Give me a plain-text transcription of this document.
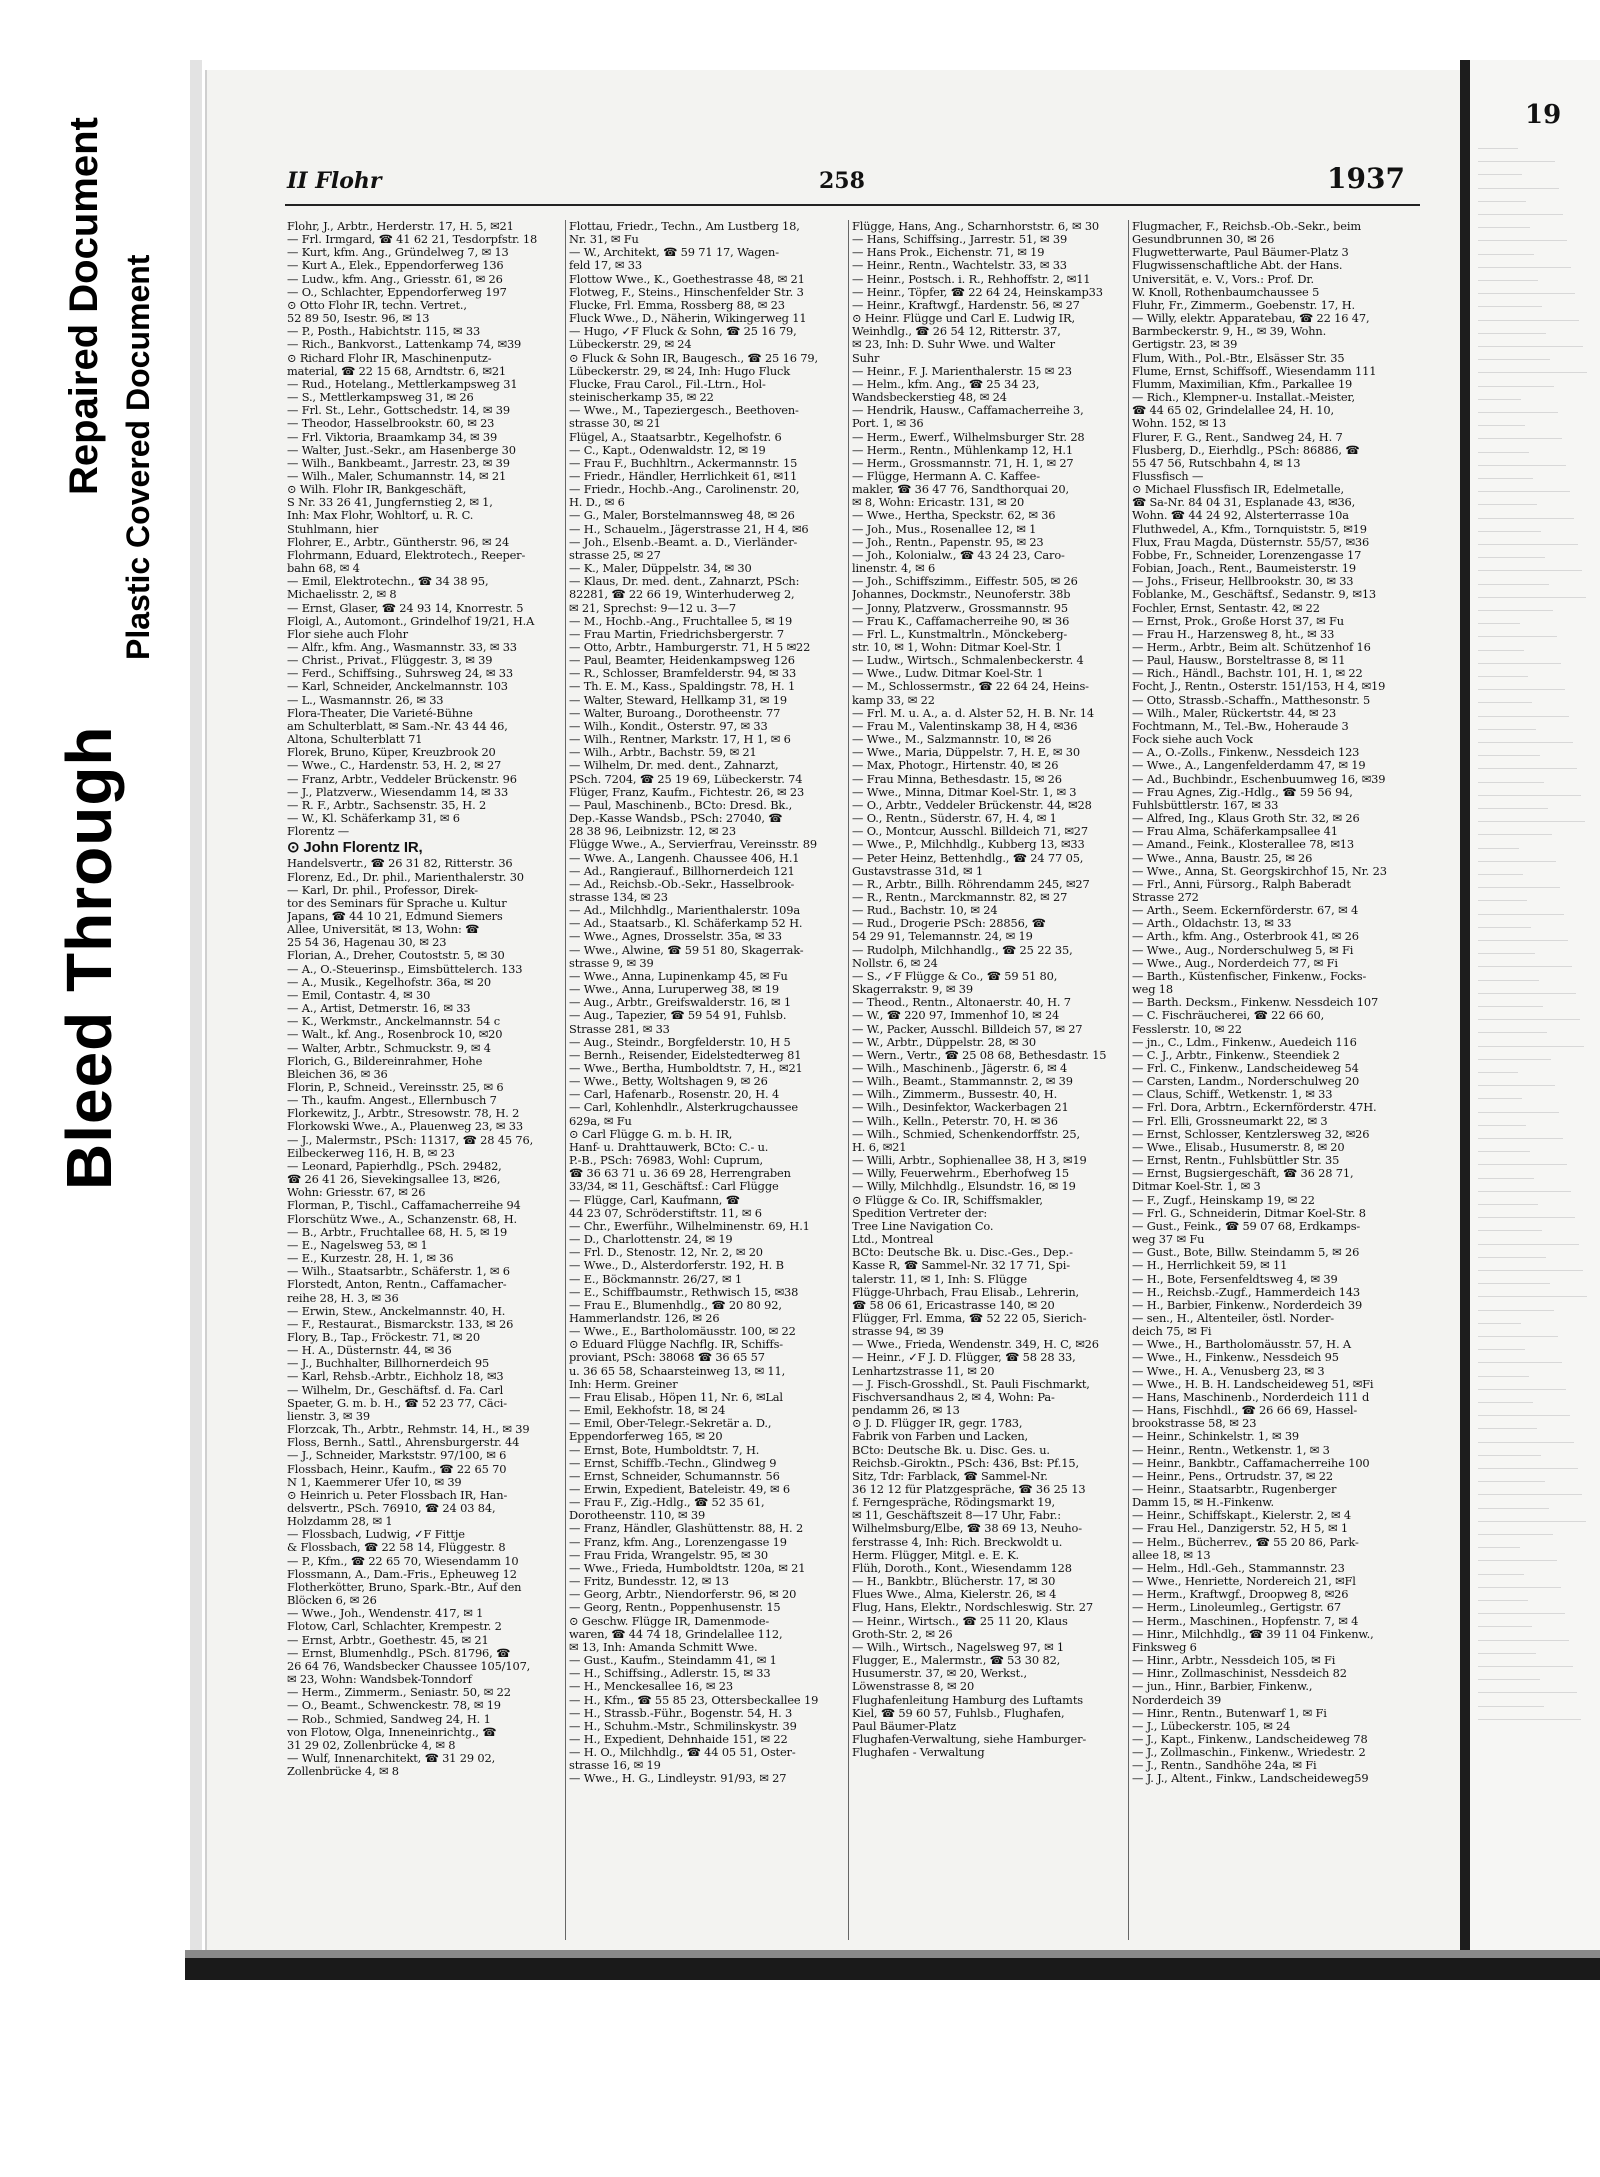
Bleed Through
Repaired Document Plastic Covered Document
II Flohr	258	1937
Flohr, J., Arbtr., Herderstr. 17, H. 5, ✉21
— Frl. Irmgard, ☎ 41 62 21, Tesdorpfstr. 18
— Kurt, kfm. Ang., Gründelweg 7, ✉ 13
— Kurt A., Elek., Eppendorferweg 136
— Ludw., kfm. Ang., Griesstr. 61, ✉ 26
— O., Schlachter, Eppendorferweg 197
⊙ Otto Flohr IR, techn. Vertret.,
52 89 50, Isestr. 96, ✉ 13
— P., Posth., Habichtstr. 115, ✉ 33
— Rich., Bankvorst., Lattenkamp 74, ✉39
⊙ Richard Flohr IR, Maschinenputz-
material, ☎ 22 15 68, Arndtstr. 6, ✉21
— Rud., Hotelang., Mettlerkampsweg 31
— S., Mettlerkampsweg 31, ✉ 26
— Frl. St., Lehr., Gottschedstr. 14, ✉ 39
— Theodor, Hasselbrookstr. 60, ✉ 23
— Frl. Viktoria, Braamkamp 34, ✉ 39
— Walter, Just.-Sekr., am Hasenberge 30
— Wilh., Bankbeamt., Jarrestr. 23, ✉ 39
— Wilh., Maler, Schumannstr. 14, ✉ 21
⊙ Wilh. Flohr IR, Bankgeschäft,
S Nr. 33 26 41, Jungfernstieg 2, ✉ 1,
Inh: Max Flohr, Wohltorf, u. R. C.
Stuhlmann, hier
Flohrer, E., Arbtr., Güntherstr. 96, ✉ 24
Flohrmann, Eduard, Elektrotech., Reeper-
bahn 68, ✉ 4
— Emil, Elektrotechn., ☎ 34 38 95,
Michaelisstr. 2, ✉ 8
— Ernst, Glaser, ☎ 24 93 14, Knorrestr. 5
Floigl, A., Automont., Grindelhof 19/21, H.A
Flor siehe auch Flohr
— Alfr., kfm. Ang., Wasmannstr. 33, ✉ 33
— Christ., Privat., Flüggestr. 3, ✉ 39
— Ferd., Schiffsing., Suhrsweg 24, ✉ 33
— Karl, Schneider, Anckelmannstr. 103
— L., Wasmannstr. 26, ✉ 33
Flora-Theater, Die Varieté-Bühne
am Schulterblatt, ✉ Sam.-Nr. 43 44 46,
Altona, Schulterblatt 71
Florek, Bruno, Küper, Kreuzbrook 20
— Wwe., C., Hardenstr. 53, H. 2, ✉ 27
— Franz, Arbtr., Veddeler Brückenstr. 96
— J., Platzverw., Wiesendamm 14, ✉ 33
— R. F., Arbtr., Sachsenstr. 35, H. 2
— W., Kl. Schäferkamp 31, ✉ 6
Florentz —
⊙ John Florentz IR,
Handelsvertr., ☎ 26 31 82, Ritterstr. 36
Florenz, Ed., Dr. phil., Marienthalerstr. 30
— Karl, Dr. phil., Professor, Direk-
tor des Seminars für Sprache u. Kultur
Japans, ☎ 44 10 21, Edmund Siemers
Allee, Universität, ✉ 13, Wohn: ☎
25 54 36, Hagenau 30, ✉ 23
Florian, A., Dreher, Coutoststr. 5, ✉ 30
— A., O.-Steuerinsp., Eimsbüttelerch. 133
— A., Musik., Kegelhofstr. 36a, ✉ 20
— Emil, Contastr. 4, ✉ 30
— A., Artist, Detmerstr. 16, ✉ 33
— K., Werkmstr., Anckelmannstr. 54 c
— Walt., kf. Ang., Rosenbrock 10, ✉20
— Walter, Arbtr., Schmuckstr. 9, ✉ 4
Florich, G., Bildereinrahmer, Hohe
Bleichen 36, ✉ 36
Florin, P., Schneid., Vereinsstr. 25, ✉ 6
— Th., kaufm. Angest., Ellernbusch 7
Florkewitz, J., Arbtr., Stresowstr. 78, H. 2
Florkowski Wwe., A., Plauenweg 23, ✉ 33
— J., Malermstr., PSch: 11317, ☎ 28 45 76,
Eilbeckerweg 116, H. B, ✉ 23
— Leonard, Papierhdlg., PSch. 29482,
☎ 26 41 26, Sievekingsallee 13, ✉26,
Wohn: Griesstr. 67, ✉ 26
Florman, P., Tischl., Caffamacherreihe 94
Florschütz Wwe., A., Schanzenstr. 68, H.
— B., Arbtr., Fruchtallee 68, H. 5, ✉ 19
— E., Nagelsweg 53, ✉ 1
— E., Kurzestr. 28, H. 1, ✉ 36
— Wilh., Staatsarbtr., Schäferstr. 1, ✉ 6
Florstedt, Anton, Rentn., Caffamacher-
reihe 28, H. 3, ✉ 36
— Erwin, Stew., Anckelmannstr. 40, H.
— F., Restaurat., Bismarckstr. 133, ✉ 26
Flory, B., Tap., Fröckestr. 71, ✉ 20
— H. A., Düsternstr. 44, ✉ 36
— J., Buchhalter, Billhornerdeich 95
— Karl, Rehsb.-Arbtr., Eichholz 18, ✉3
— Wilhelm, Dr., Geschäftsf. d. Fa. Carl
Spaeter, G. m. b. H., ☎ 52 23 77, Cäci-
lienstr. 3, ✉ 39
Florzcak, Th., Arbtr., Rehmstr. 14, H., ✉ 39
Floss, Bernh., Sattl., Ahrensburgerstr. 44
— J., Schneider, Markststr. 97/100, ✉ 6
Flossbach, Heinr., Kaufm., ☎ 22 65 70
N 1, Kaemmerer Ufer 10, ✉ 39
⊙ Heinrich u. Peter Flossbach IR, Han-
delsvertr., PSch. 76910, ☎ 24 03 84,
Holzdamm 28, ✉ 1
— Flossbach, Ludwig, ✓F Fittje
& Flossbach, ☎ 22 58 14, Flüggestr. 8
— P., Kfm., ☎ 22 65 70, Wiesendamm 10
Flossmann, A., Dam.-Fris., Epheuweg 12
Flotherkötter, Bruno, Spark.-Btr., Auf den
Blöcken 6, ✉ 26
— Wwe., Joh., Wendenstr. 417, ✉ 1
Flotow, Carl, Schlachter, Krempestr. 2
— Ernst, Arbtr., Goethestr. 45, ✉ 21
— Ernst, Blumenhdlg., PSch. 81796, ☎
26 64 76, Wandsbecker Chaussee 105/107,
✉ 23, Wohn: Wandsbek-Tonndorf
— Herm., Zimmerm., Seniastr. 50, ✉ 22
— O., Beamt., Schwenckestr. 78, ✉ 19
— Rob., Schmied, Sandweg 24, H. 1
von Flotow, Olga, Inneneinrichtg., ☎
31 29 02, Zollenbrücke 4, ✉ 8
— Wulf, Innenarchitekt, ☎ 31 29 02,
Zollenbrücke 4, ✉ 8
Flottau, Friedr., Techn., Am Lustberg 18,
Nr. 31, ✉ Fu
— W., Architekt, ☎ 59 71 17, Wagen-
feld 17, ✉ 33
Flottow Wwe., K., Goethestrasse 48, ✉ 21
Flotweg, F., Steins., Hinschenfelder Str. 3
Flucke, Frl. Emma, Rossberg 88, ✉ 23
Fluck Wwe., D., Näherin, Wikingerweg 11
— Hugo, ✓F Fluck & Sohn, ☎ 25 16 79,
Lübeckerstr. 29, ✉ 24
⊙ Fluck & Sohn IR, Baugesch., ☎ 25 16 79,
Lübeckerstr. 29, ✉ 24, Inh: Hugo Fluck
Flucke, Frau Carol., Fil.-Ltrn., Hol-
steinischerkamp 35, ✉ 22
— Wwe., M., Tapeziergesch., Beethoven-
strasse 30, ✉ 21
Flügel, A., Staatsarbtr., Kegelhofstr. 6
— C., Kapt., Odenwaldstr. 12, ✉ 19
— Frau F., Buchhltrn., Ackermannstr. 15
— Friedr., Händler, Herrlichkeit 61, ✉11
— Friedr., Hochb.-Ang., Carolinenstr. 20,
H. D., ✉ 6
— G., Maler, Borstelmannsweg 48, ✉ 26
— H., Schauelm., Jägerstrasse 21, H 4, ✉6
— Joh., Elsenb.-Beamt. a. D., Vierländer-
strasse 25, ✉ 27
— K., Maler, Düppelstr. 34, ✉ 30
— Klaus, Dr. med. dent., Zahnarzt, PSch:
82281, ☎ 22 66 19, Winterhuderweg 2,
✉ 21, Sprechst: 9—12 u. 3—7
— M., Hochb.-Ang., Fruchtallee 5, ✉ 19
— Frau Martin, Friedrichsbergerstr. 7
— Otto, Arbtr., Hamburgerstr. 71, H 5 ✉22
— Paul, Beamter, Heidenkampsweg 126
— R., Schlosser, Bramfelderstr. 94, ✉ 33
— Th. E. M., Kass., Spaldingstr. 78, H. 1
— Walter, Steward, Hellkamp 31, ✉ 19
— Walter, Buroang., Dorotheenstr. 77
— Wilh., Kondit., Osterstr. 97, ✉ 33
— Wilh., Rentner, Markstr. 17, H 1, ✉ 6
— Wilh., Arbtr., Bachstr. 59, ✉ 21
— Wilhelm, Dr. med. dent., Zahnarzt,
PSch. 7204, ☎ 25 19 69, Lübeckerstr. 74
Flüger, Franz, Kaufm., Fichtestr. 26, ✉ 23
— Paul, Maschinenb., BCto: Dresd. Bk.,
Dep.-Kasse Wandsb., PSch: 27040, ☎
28 38 96, Leibnizstr. 12, ✉ 23
Flügge Wwe., A., Servierfrau, Vereinsstr. 89
— Wwe. A., Langenh. Chaussee 406, H.1
— Ad., Rangierauf., Billhornerdeich 121
— Ad., Reichsb.-Ob.-Sekr., Hasselbrook-
strasse 134, ✉ 23
— Ad., Milchhdlg., Marienthalerstr. 109a
— Ad., Staatsarb., Kl. Schäferkamp 52 H.
— Wwe., Agnes, Drosselstr. 35a, ✉ 33
— Wwe., Alwine, ☎ 59 51 80, Skagerrak-
strasse 9, ✉ 39
— Wwe., Anna, Lupinenkamp 45, ✉ Fu
— Wwe., Anna, Luruperweg 38, ✉ 19
— Aug., Arbtr., Greifswalderstr. 16, ✉ 1
— Aug., Tapezier, ☎ 59 54 91, Fuhlsb.
Strasse 281, ✉ 33
— Aug., Steindr., Borgfelderstr. 10, H 5
— Bernh., Reisender, Eidelstedterweg 81
— Wwe., Bertha, Humboldtstr. 7, H., ✉21
— Wwe., Betty, Woltshagen 9, ✉ 26
— Carl, Hafenarb., Rosenstr. 20, H. 4
— Carl, Kohlenhdlr., Alsterkrugchaussee
629a, ✉ Fu
⊙ Carl Flügge G. m. b. H. IR,
Hanf- u. Drahttauwerk, BCto: C.- u.
P.-B., PSch: 76983, Wohl: Cuprum,
☎ 36 63 71 u. 36 69 28, Herrengraben
33/34, ✉ 11, Geschäftsf.: Carl Flügge
— Flügge, Carl, Kaufmann, ☎
44 23 07, Schröderstiftstr. 11, ✉ 6
— Chr., Ewerführ., Wilhelminenstr. 69, H.1
— D., Charlottenstr. 24, ✉ 19
— Frl. D., Stenostr. 12, Nr. 2, ✉ 20
— Wwe., D., Alsterdorferstr. 192, H. B
— E., Böckmannstr. 26/27, ✉ 1
— E., Schiffbaumstr., Rethwisch 15, ✉38
— Frau E., Blumenhdlg., ☎ 20 80 92,
Hammerlandstr. 126, ✉ 26
— Wwe., E., Bartholomäusstr. 100, ✉ 22
⊙ Eduard Flügge Nachflg. IR, Schiffs-
proviant, PSch: 38068 ☎ 36 65 57
u. 36 65 58, Schaarsteinweg 13, ✉ 11,
Inh: Herm. Greiner
— Frau Elisab., Höpen 11, Nr. 6, ✉Lal
— Emil, Eekhofstr. 18, ✉ 24
— Emil, Ober-Telegr.-Sekretär a. D.,
Eppendorferweg 165, ✉ 20
— Ernst, Bote, Humboldtstr. 7, H.
— Ernst, Schiffb.-Techn., Glindweg 9
— Ernst, Schneider, Schumannstr. 56
— Erwin, Expedient, Bateleistr. 49, ✉ 6
— Frau F., Zig.-Hdlg., ☎ 52 35 61,
Dorotheenstr. 110, ✉ 39
— Franz, Händler, Glashüttenstr. 88, H. 2
— Franz, kfm. Ang., Lorenzengasse 19
— Frau Frida, Wrangelstr. 95, ✉ 30
— Wwe., Frieda, Humboldtstr. 120a, ✉ 21
— Fritz, Bundesstr. 12, ✉ 13
— Georg, Arbtr., Niendorferstr. 96, ✉ 20
— Georg, Rentn., Poppenhusenstr. 15
⊙ Geschw. Flügge IR, Damenmode-
waren, ☎ 44 74 18, Grindelallee 112,
✉ 13, Inh: Amanda Schmitt Wwe.
— Gust., Kaufm., Steindamm 41, ✉ 1
— H., Schiffsing., Adlerstr. 15, ✉ 33
— H., Menckesallee 16, ✉ 23
— H., Kfm., ☎ 55 85 23, Ottersbeckallee 19
— H., Strassb.-Führ., Bogenstr. 54, H. 3
— H., Schuhm.-Mstr., Schmilinskystr. 39
— H., Expedient, Dehnhaide 151, ✉ 22
— H. O., Milchhdlg., ☎ 44 05 51, Oster-
strasse 16, ✉ 19
— Wwe., H. G., Lindleystr. 91/93, ✉ 27
Flügge, Hans, Ang., Scharnhorststr. 6, ✉ 30
— Hans, Schiffsing., Jarrestr. 51, ✉ 39
— Hans Prok., Eichenstr. 71, ✉ 19
— Heinr., Rentn., Wachtelstr. 33, ✉ 33
— Heinr., Postsch. i. R., Rehhoffstr. 2, ✉11
— Heinr., Töpfer, ☎ 22 64 24, Heinskamp33
— Heinr., Kraftwgf., Hardenstr. 56, ✉ 27
⊙ Heinr. Flügge und Carl E. Ludwig IR,
Weinhdlg., ☎ 26 54 12, Ritterstr. 37,
✉ 23, Inh: D. Suhr Wwe. und Walter
Suhr
— Heinr., F. J. Marienthalerstr. 15 ✉ 23
— Helm., kfm. Ang., ☎ 25 34 23,
Wandsbeckerstieg 48, ✉ 24
— Hendrik, Hausw., Caffamacherreihe 3,
Port. 1, ✉ 36
— Herm., Ewerf., Wilhelmsburger Str. 28
— Herm., Rentn., Mühlenkamp 12, H.1
— Herm., Grossmannstr. 71, H. 1, ✉ 27
— Flügge, Hermann A. C. Kaffee-
makler, ☎ 36 47 76, Sandthorquai 20,
✉ 8, Wohn: Ericastr. 131, ✉ 20
— Wwe., Hertha, Speckstr. 62, ✉ 36
— Joh., Mus., Rosenallee 12, ✉ 1
— Joh., Rentn., Papenstr. 95, ✉ 23
— Joh., Kolonialw., ☎ 43 24 23, Caro-
linenstr. 4, ✉ 6
— Joh., Schiffszimm., Eiffestr. 505, ✉ 26
Johannes, Dockmstr., Neunoferstr. 38b
— Jonny, Platzverw., Grossmannstr. 95
— Frau K., Caffamacherreihe 90, ✉ 36
— Frl. L., Kunstmaltrln., Mönckeberg-
str. 10, ✉ 1, Wohn: Ditmar Koel-Str. 1
— Ludw., Wirtsch., Schmalenbeckerstr. 4
— Wwe., Ludw. Ditmar Koel-Str. 1
— M., Schlossermstr., ☎ 22 64 24, Heins-
kamp 33, ✉ 22
— Frl. M. u. A., a. d. Alster 52, H. B. Nr. 14
— Frau M., Valentinskamp 38, H 4, ✉36
— Wwe., M., Salzmannstr. 10, ✉ 26
— Wwe., Maria, Düppelstr. 7, H. E, ✉ 30
— Max, Photogr., Hirtenstr. 40, ✉ 26
— Frau Minna, Bethesdastr. 15, ✉ 26
— Wwe., Minna, Ditmar Koel-Str. 1, ✉ 3
— O., Arbtr., Veddeler Brückenstr. 44, ✉28
— O., Rentn., Süderstr. 67, H. 4, ✉ 1
— O., Montcur, Ausschl. Billdeich 71, ✉27
— Wwe., P., Milchhdlg., Kubberg 13, ✉33
— Peter Heinz, Bettenhdlg., ☎ 24 77 05,
Gustavstrasse 31d, ✉ 1
— R., Arbtr., Billh. Röhrendamm 245, ✉27
— R., Rentn., Marckmannstr. 82, ✉ 27
— Rud., Bachstr. 10, ✉ 24
— Rud., Drogerie PSch: 28856, ☎
54 29 91, Telemannstr. 24, ✉ 19
— Rudolph, Milchhandlg., ☎ 25 22 35,
Nollstr. 6, ✉ 24
— S., ✓F Flügge & Co., ☎ 59 51 80,
Skagerrakstr. 9, ✉ 39
— Theod., Rentn., Altonaerstr. 40, H. 7
— W., ☎ 220 97, Immenhof 10, ✉ 24
— W., Packer, Ausschl. Billdeich 57, ✉ 27
— W., Arbtr., Düppelstr. 28, ✉ 30
— Wern., Vertr., ☎ 25 08 68, Bethesdastr. 15
— Wilh., Maschinenb., Jägerstr. 6, ✉ 4
— Wilh., Beamt., Stammannstr. 2, ✉ 39
— Wilh., Zimmerm., Bussestr. 40, H.
— Wilh., Desinfektor, Wackerbagen 21
— Wilh., Kelln., Peterstr. 70, H. ✉ 36
— Wilh., Schmied, Schenkendorffstr. 25,
H. 6, ✉21
— Willi, Arbtr., Sophienallee 38, H 3, ✉19
— Willy, Feuerwehrm., Eberhofweg 15
— Willy, Milchhdlg., Elsundstr. 16, ✉ 19
⊙ Flügge & Co. IR, Schiffsmakler,
Spedition Vertreter der:
Tree Line Navigation Co.
Ltd., Montreal
BCto: Deutsche Bk. u. Disc.-Ges., Dep.-
Kasse R, ☎ Sammel-Nr. 32 17 71, Spi-
talerstr. 11, ✉ 1, Inh: S. Flügge
Flügge-Uhrbach, Frau Elisab., Lehrerin,
☎ 58 06 61, Ericastrasse 140, ✉ 20
Flügger, Frl. Emma, ☎ 52 22 05, Sierich-
strasse 94, ✉ 39
— Wwe., Frieda, Wendenstr. 349, H. C, ✉26
— Heinr., ✓F J. D. Flügger, ☎ 58 28 33,
Lenhartzstrasse 11, ✉ 20
— J. Fisch-Grosshdl., St. Pauli Fischmarkt,
Fischversandhaus 2, ✉ 4, Wohn: Pa-
pendamm 26, ✉ 13
⊙ J. D. Flügger IR, gegr. 1783,
Fabrik von Farben und Lacken,
BCto: Deutsche Bk. u. Disc. Ges. u.
Reichsb.-Giroktn., PSch: 436, Bst: Pf.15,
Sitz, Tdr: Farblack, ☎ Sammel-Nr.
36 12 12 für Platzgespräche, ☎ 36 25 13
f. Ferngespräche, Rödingsmarkt 19,
✉ 11, Geschäftszeit 8—17 Uhr, Fabr.:
Wilhelmsburg/Elbe, ☎ 38 69 13, Neuho-
ferstrasse 4, Inh: Rich. Breckwoldt u.
Herm. Flügger, Mitgl. e. E. K.
Flüh, Doroth., Kont., Wiesendamm 128
— H., Bankbtr., Blücherstr. 17, ✉ 30
Flues Wwe., Alma, Kielerstr. 26, ✉ 4
Flug, Hans, Elektr., Nordschleswig. Str. 27
— Heinr., Wirtsch., ☎ 25 11 20, Klaus
Groth-Str. 2, ✉ 26
— Wilh., Wirtsch., Nagelsweg 97, ✉ 1
Flugger, E., Malermstr., ☎ 53 30 82,
Husumerstr. 37, ✉ 20, Werkst.,
Löwenstrasse 8, ✉ 20
Flughafenleitung Hamburg des Luftamts
Kiel, ☎ 59 60 57, Fuhlsb., Flughafen,
Paul Bäumer-Platz
Flughafen-Verwaltung, siehe Hamburger-
Flughafen - Verwaltung
Flugmacher, F., Reichsb.-Ob.-Sekr., beim
Gesundbrunnen 30, ✉ 26
Flugwetterwarte, Paul Bäumer-Platz 3
Flugwissenschaftliche Abt. der Hans.
Universität, e. V., Vors.: Prof. Dr.
W. Knoll, Rothenbaumchaussee 5
Fluhr, Fr., Zimmerm., Goebenstr. 17, H.
— Willy, elektr. Apparatebau, ☎ 22 16 47,
Barmbeckerstr. 9, H., ✉ 39, Wohn.
Gertigstr. 23, ✉ 39
Flum, With., Pol.-Btr., Elsässer Str. 35
Flume, Ernst, Schiffsoff., Wiesendamm 111
Flumm, Maximilian, Kfm., Parkallee 19
— Rich., Klempner-u. Installat.-Meister,
☎ 44 65 02, Grindelallee 24, H. 10,
Wohn. 152, ✉ 13
Flurer, F. G., Rent., Sandweg 24, H. 7
Flusberg, D., Eierhdlg., PSch: 86886, ☎
55 47 56, Rutschbahn 4, ✉ 13
Flussfisch —
⊙ Michael Flussfisch IR, Edelmetalle,
☎ Sa-Nr. 84 04 31, Esplanade 43, ✉36,
Wohn. ☎ 44 24 92, Alsterterrasse 10a
Fluthwedel, A., Kfm., Tornquiststr. 5, ✉19
Flux, Frau Magda, Düsternstr. 55/57, ✉36
Fobbe, Fr., Schneider, Lorenzengasse 17
Fobian, Joach., Rent., Baumeisterstr. 19
— Johs., Friseur, Hellbrookstr. 30, ✉ 33
Foblanke, M., Geschäftsf., Sedanstr. 9, ✉13
Fochler, Ernst, Sentastr. 42, ✉ 22
— Ernst, Prok., Große Horst 37, ✉ Fu
— Frau H., Harzensweg 8, ht., ✉ 33
— Herm., Arbtr., Beim alt. Schützenhof 16
— Paul, Hausw., Borsteltrasse 8, ✉ 11
— Rich., Händl., Bachstr. 101, H. 1, ✉ 22
Focht, J., Rentn., Osterstr. 151/153, H 4, ✉19
— Otto, Strassb.-Schaffn., Matthesonstr. 5
— Wilh., Maler, Rückertstr. 44, ✉ 23
Fochtmann, M., Tel.-Bw., Hoheraude 3
Fock siehe auch Vock
— A., O.-Zolls., Finkenw., Nessdeich 123
— Wwe., A., Langenfelderdamm 47, ✉ 19
— Ad., Buchbindr., Eschenbuumweg 16, ✉39
— Frau Agnes, Zig.-Hdlg., ☎ 59 56 94,
Fuhlsbüttlerstr. 167, ✉ 33
— Alfred, Ing., Klaus Groth Str. 32, ✉ 26
— Frau Alma, Schäferkampsallee 41
— Amand., Feink., Klosterallee 78, ✉13
— Wwe., Anna, Baustr. 25, ✉ 26
— Wwe., Anna, St. Georgskirchhof 15, Nr. 23
— Frl., Anni, Fürsorg., Ralph Baberadt
Strasse 272
— Arth., Seem. Eckernförderstr. 67, ✉ 4
— Arth., Oldachstr. 13, ✉ 33
— Arth., kfm. Ang., Osterbrook 41, ✉ 26
— Wwe., Aug., Norderschulweg 5, ✉ Fi
— Wwe., Aug., Norderdeich 77, ✉ Fi
— Barth., Küstenfischer, Finkenw., Focks-
weg 18
— Barth. Decksm., Finkenw. Nessdeich 107
— C. Fischräucherei, ☎ 22 66 60,
Fesslerstr. 10, ✉ 22
— jn., C., Ldm., Finkenw., Auedeich 116
— C. J., Arbtr., Finkenw., Steendiek 2
— Frl. C., Finkenw., Landscheideweg 54
— Carsten, Landm., Norderschulweg 20
— Claus, Schiff., Wetkenstr. 1, ✉ 33
— Frl. Dora, Arbtrn., Eckernförderstr. 47H.
— Frl. Elli, Grossneumarkt 22, ✉ 3
— Ernst, Schlosser, Kentzlersweg 32, ✉26
— Wwe., Elisab., Husumerstr. 8, ✉ 20
— Ernst, Rentn., Fuhlsbüttler Str. 35
— Ernst, Bugsiergeschäft, ☎ 36 28 71,
Ditmar Koel-Str. 1, ✉ 3
— F., Zugf., Heinskamp 19, ✉ 22
— Frl. G., Schneiderin, Ditmar Koel-Str. 8
— Gust., Feink., ☎ 59 07 68, Erdkamps-
weg 37 ✉ Fu
— Gust., Bote, Billw. Steindamm 5, ✉ 26
— H., Herrlichkeit 59, ✉ 11
— H., Bote, Fersenfeldtsweg 4, ✉ 39
— H., Reichsb.-Zugf., Hammerdeich 143
— H., Barbier, Finkenw., Norderdeich 39
— sen., H., Altenteiler, östl. Norder-
deich 75, ✉ Fi
— Wwe., H., Bartholomäusstr. 57, H. A
— Wwe., H., Finkenw., Nessdeich 95
— Wwe., H. A., Venusberg 23, ✉ 3
— Wwe., H. B. H. Landscheideweg 51, ✉Fi
— Hans, Maschinenb., Norderdeich 111 d
— Hans, Fischhdl., ☎ 26 66 69, Hassel-
brookstrasse 58, ✉ 23
— Heinr., Schinkelstr. 1, ✉ 39
— Heinr., Rentn., Wetkenstr. 1, ✉ 3
— Heinr., Bankbtr., Caffamacherreihe 100
— Heinr., Pens., Ortrudstr. 37, ✉ 22
— Heinr., Staatsarbtr., Rugenberger
Damm 15, ✉ H.-Finkenw.
— Heinr., Schiffskapt., Kielerstr. 2, ✉ 4
— Frau Hel., Danzigerstr. 52, H 5, ✉ 1
— Helm., Bücherrev., ☎ 55 20 86, Park-
allee 18, ✉ 13
— Helm., Hdl.-Geh., Stammannstr. 23
— Wwe., Henriette, Nordereich 21, ✉Fl
— Herm., Kraftwgf., Droopweg 8, ✉26
— Herm., Linoleumleg., Gertigstr. 67
— Herm., Maschinen., Hopfenstr. 7, ✉ 4
— Hinr., Milchhdlg., ☎ 39 11 04 Finkenw.,
Finksweg 6
— Hinr., Arbtr., Nessdeich 105, ✉ Fi
— Hinr., Zollmaschinist, Nessdeich 82
— jun., Hinr., Barbier, Finkenw.,
Norderdeich 39
— Hinr., Rentn., Butenwarf 1, ✉ Fi
— J., Lübeckerstr. 105, ✉ 24
— J., Kapt., Finkenw., Landscheideweg 78
— J., Zollmaschin., Finkenw., Wriedestr. 2
— J., Rentn., Sandhöhe 24a, ✉ Fi
— J. J., Altent., Finkw., Landscheideweg59
19
